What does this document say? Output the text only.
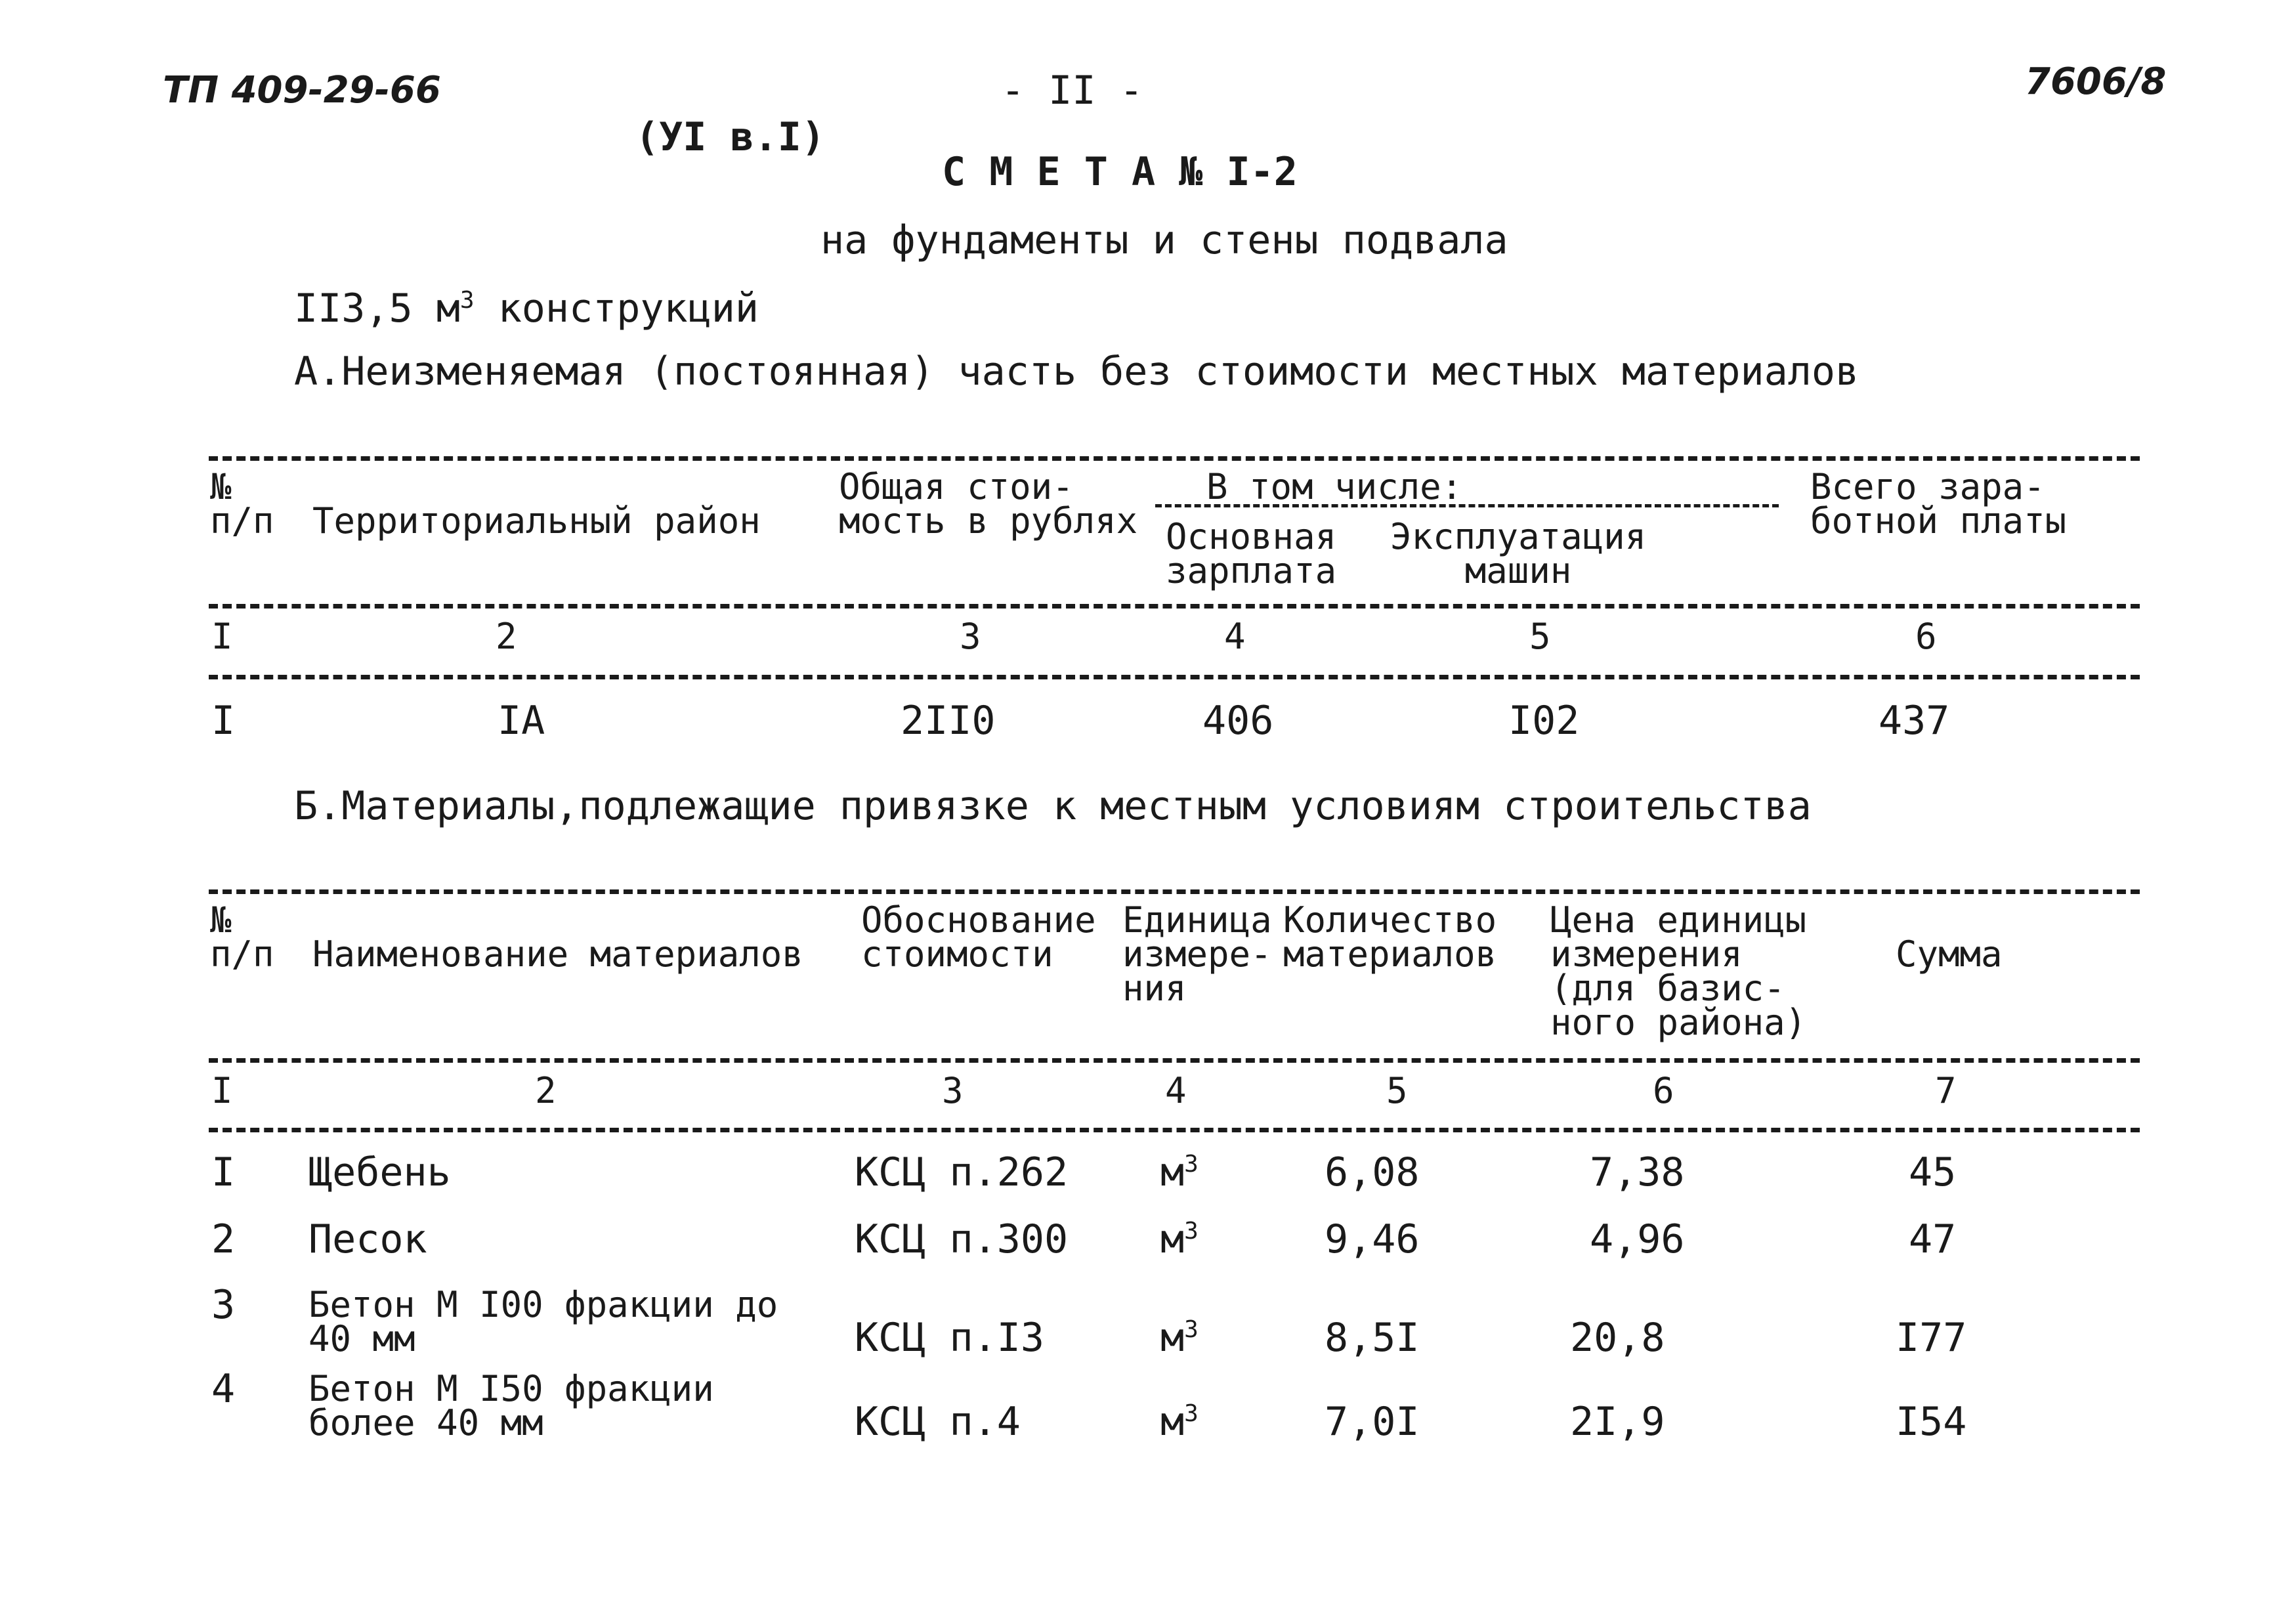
ТП 409-29-66	- II -	7606/8
(УI в.I)
С М Е Т А № I-2
на фундаменты и стены подвала
II3,5 $м^3$ конструкций
А.Неизменяемая (постоянная) часть без стоимости местных материалов
№
п/п Территориальный район
Общая стои-
мость в рублях
В том числе:
Основная
зарплата
Эксплуатация
машин
Всего зара-
ботной платы
I	2	3	4	5	6
I	IА	2II0	406	I02	437
Б.Материалы,подлежащие привязке к местным условиям строительства
№
п/п Наименование материалов
Обоснование
стоимости
Единица
измере-
ния
Количество
материалов
Цена единицы
измерения
(для базис-
ного района)
Сумма
I	2	3	4	5	6	7
I Щебень	КСЦ п.262 $м^3$	6,08	7,38	45
2 Песок	КСЦ п.300 $м^3$	9,46	4,96	47
3 Бетон М I00 фракции до
40 мм	КСЦ п.I3	$м^3$	8,5I	20,8	I77
4 Бетон М I50 фракции
более 40 мм	КСЦ п.4	$м^3$	7,0I	2I,9	I54
